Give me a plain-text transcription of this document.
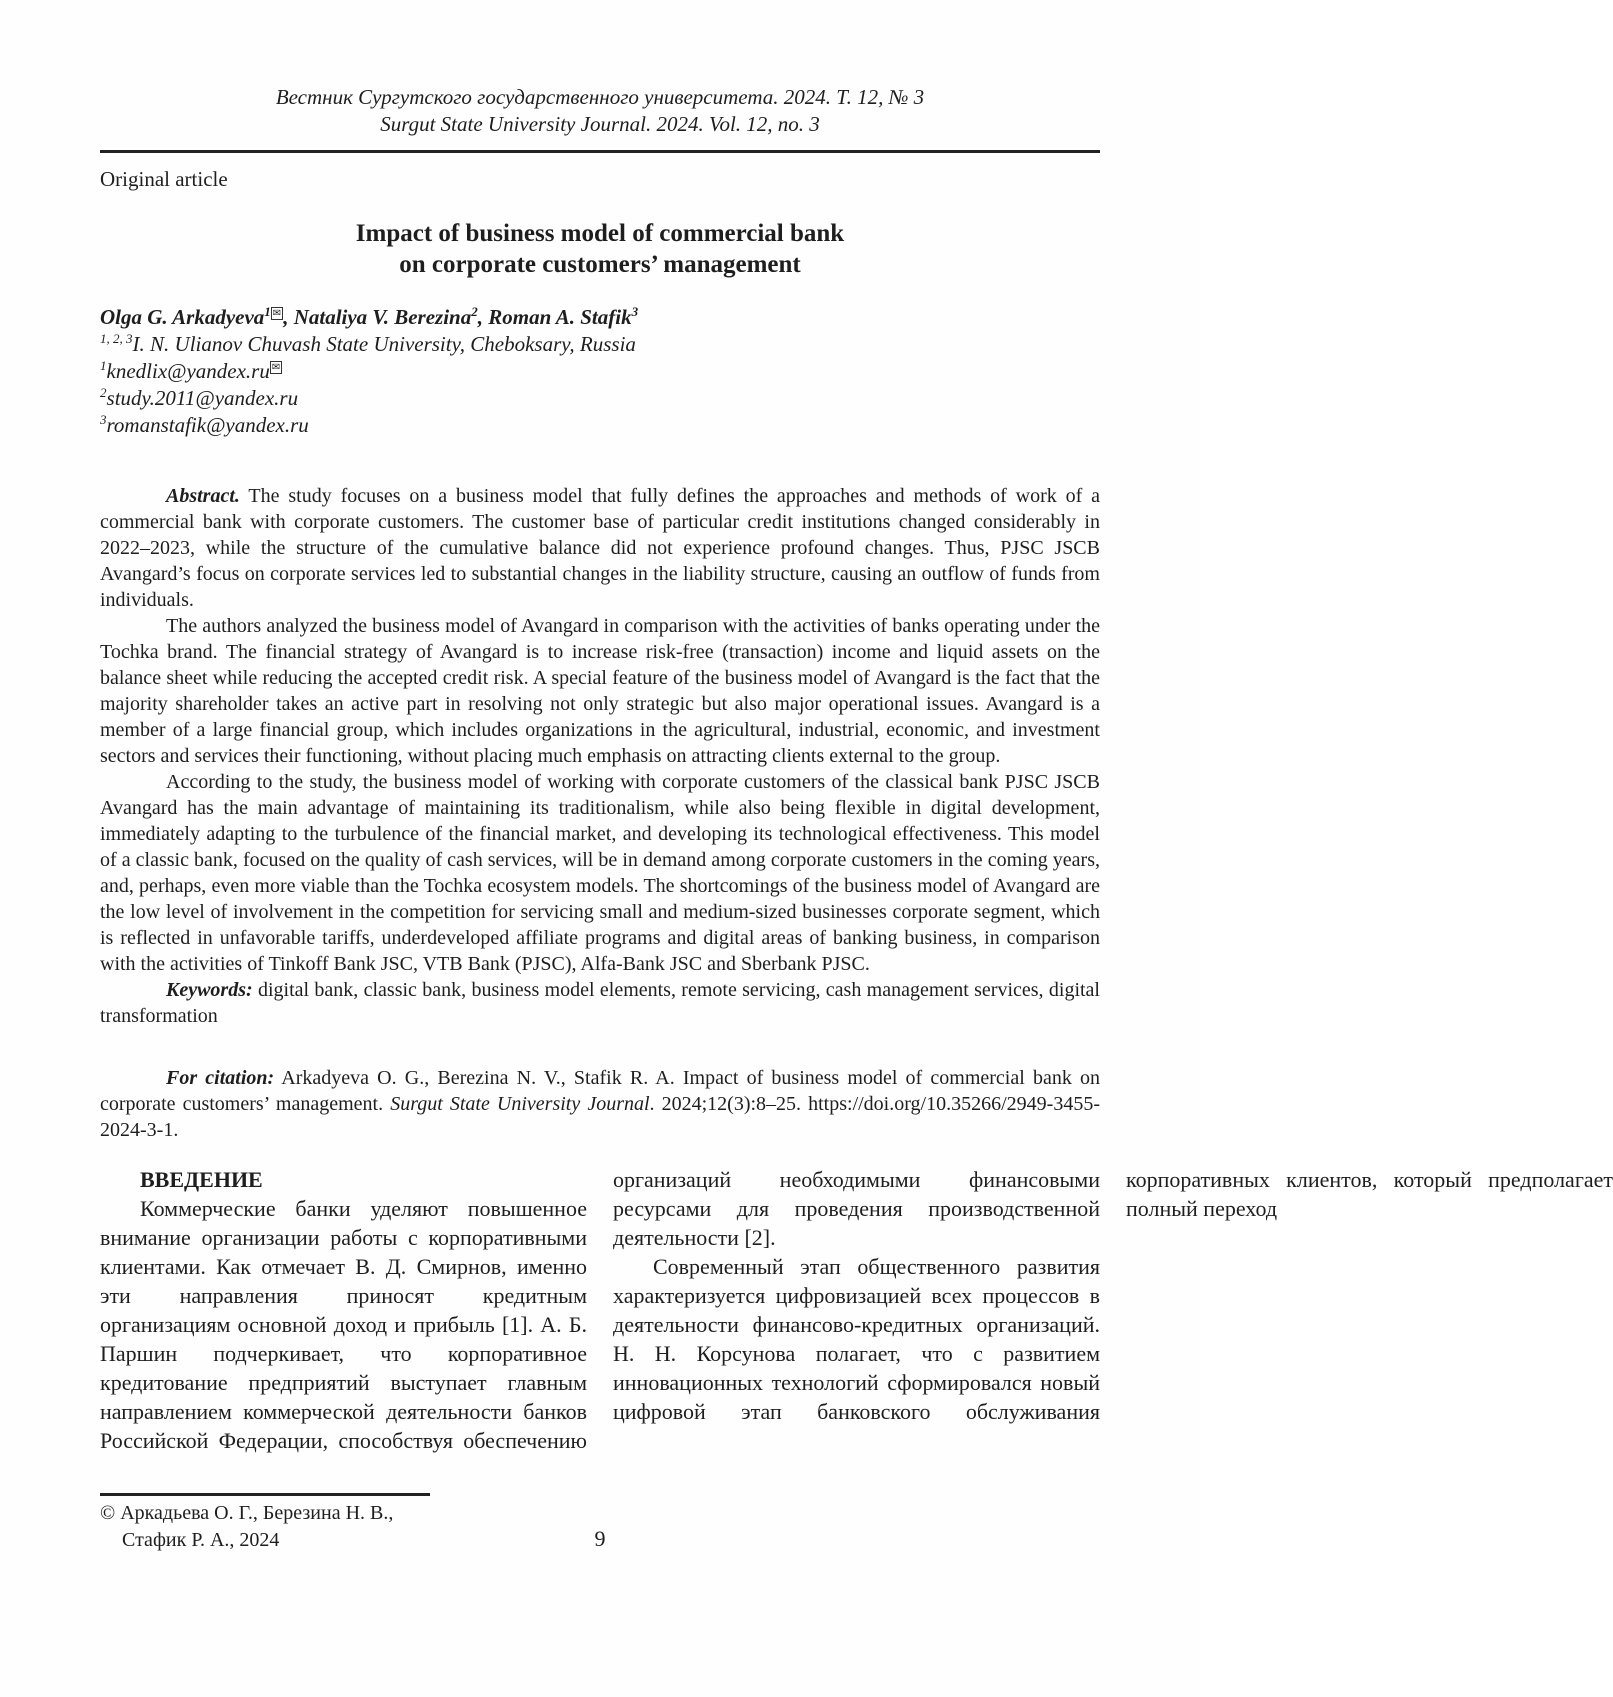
Вестник Сургутского государственного университета. 2024. Т. 12, № 3
Surgut State University Journal. 2024. Vol. 12, no. 3
Original article
Impact of business model of commercial bank
on corporate customers’ management
Olga G. Arkadyeva$^1$ ✉, Nataliya V. Berezina$^2$, Roman A. Stafik$^3$
$^{1, 2, 3}$I. N. Ulianov Chuvash State University, Cheboksary, Russia
$^1$knedlix@yandex.ru ✉
$^2$study.2011@yandex.ru
$^3$romanstafik@yandex.ru

Abstract. The study focuses on a business model that fully defines the approaches and methods of work of a commercial bank with corporate customers. The customer base of particular credit institutions changed considerably in 2022–2023, while the structure of the cumulative balance did not experience profound changes. Thus, PJSC JSCB Avangard’s focus on corporate services led to substantial changes in the liability structure, causing an outflow of funds from individuals.

The authors analyzed the business model of Avangard in comparison with the activities of banks operating under the Tochka brand. The financial strategy of Avangard is to increase risk-free (transaction) income and liquid assets on the balance sheet while reducing the accepted credit risk. A special feature of the business model of Avangard is the fact that the majority shareholder takes an active part in resolving not only strategic but also major operational issues. Avangard is a member of a large financial group, which includes organizations in the agricultural, industrial, economic, and investment sectors and services their functioning, without placing much emphasis on attracting clients external to the group.

According to the study, the business model of working with corporate customers of the classical bank PJSC JSCB Avangard has the main advantage of maintaining its traditionalism, while also being flexible in digital development, immediately adapting to the turbulence of the financial market, and developing its technological effectiveness. This model of a classic bank, focused on the quality of cash services, will be in demand among corporate customers in the coming years, and, perhaps, even more viable than the Tochka ecosystem models. The shortcomings of the business model of Avangard are the low level of involvement in the competition for servicing small and medium-sized businesses corporate segment, which is reflected in unfavorable tariffs, underdeveloped affiliate programs and digital areas of banking business, in comparison with the activities of Tinkoff Bank JSC, VTB Bank (PJSC), Alfa-Bank JSC and Sberbank PJSC.

Keywords: digital bank, classic bank, business model elements, remote servicing, cash management services, digital transformation

For citation: Arkadyeva O. G., Berezina N. V., Stafik R. A. Impact of business model of commercial bank on corporate customers’ management. Surgut State University Journal. 2024;12(3):8–25. https://doi.org/10.35266/2949-3455-2024-3-1.

ВВЕДЕНИЕ

Коммерческие банки уделяют повышенное внимание организации работы с корпоративными клиентами. Как отмечает В. Д. Смирнов, именно эти направления приносят кредитным организациям основной доход и прибыль [1]. А. Б. Паршин подчеркивает, что корпоративное кредитование предприятий выступает главным направлением коммерческой деятельности банков Российской Федерации, способствуя обеспечению организаций необходимыми финансовыми ресурсами для проведения производственной деятельности [2].

Современный этап общественного развития характеризуется цифровизацией всех процессов в деятельности финансово-кредитных организаций. Н. Н. Корсунова полагает, что с развитием инновационных технологий сформировался новый цифровой этап банковского обслуживания корпоративных клиентов, который предполагает полный переход

© Аркадьева О. Г., Березина Н. В.,
Стафик Р. А., 2024	9
